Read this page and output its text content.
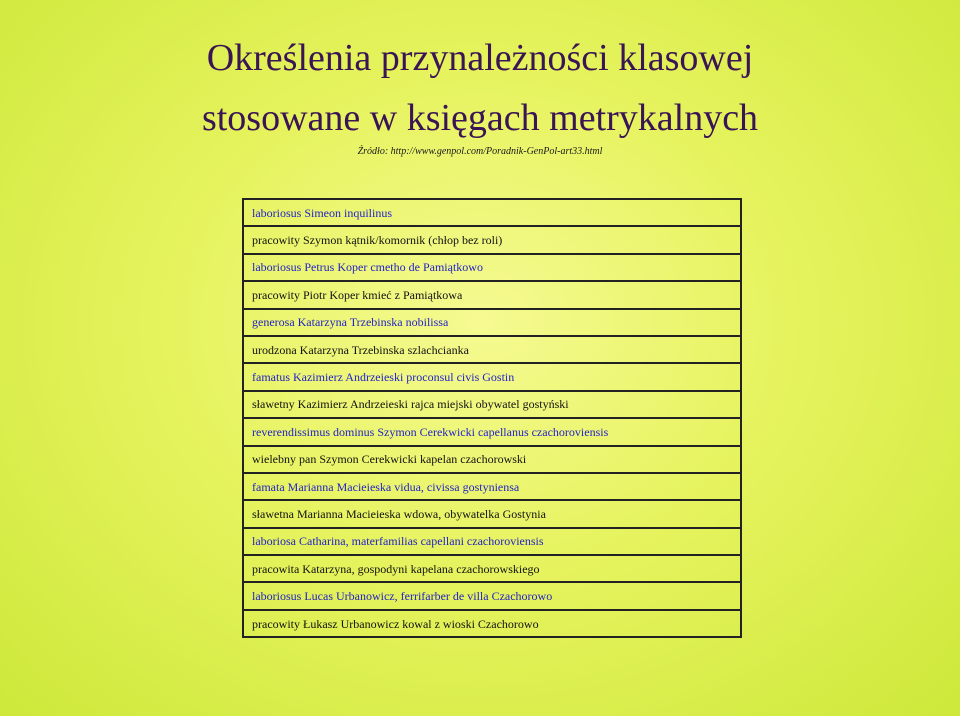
Określenia przynależności klasowej
stosowane w księgach metrykalnych
Źródło: http://www.genpol.com/Poradnik-GenPol-art33.html
laboriosus Simeon inquilinus
pracowity Szymon kątnik/komornik (chłop bez roli)
laboriosus Petrus Koper cmetho de Pamiątkowo
pracowity Piotr Koper kmieć z Pamiątkowa
generosa Katarzyna Trzebinska nobilissa
urodzona Katarzyna Trzebinska szlachcianka
famatus Kazimierz Andrzeieski proconsul civis Gostin
sławetny Kazimierz Andrzeieski rajca miejski obywatel gostyński
reverendissimus dominus Szymon Cerekwicki capellanus czachoroviensis
wielebny pan Szymon Cerekwicki kapelan czachorowski
famata Marianna Macieieska vidua, civissa gostyniensa
sławetna Marianna Macieieska wdowa, obywatelka Gostynia
laboriosa Catharina, materfamilias capellani czachoroviensis
pracowita Katarzyna, gospodyni kapelana czachorowskiego
laboriosus Lucas Urbanowicz, ferrifarber de villa Czachorowo
pracowity Łukasz Urbanowicz kowal z wioski Czachorowo
